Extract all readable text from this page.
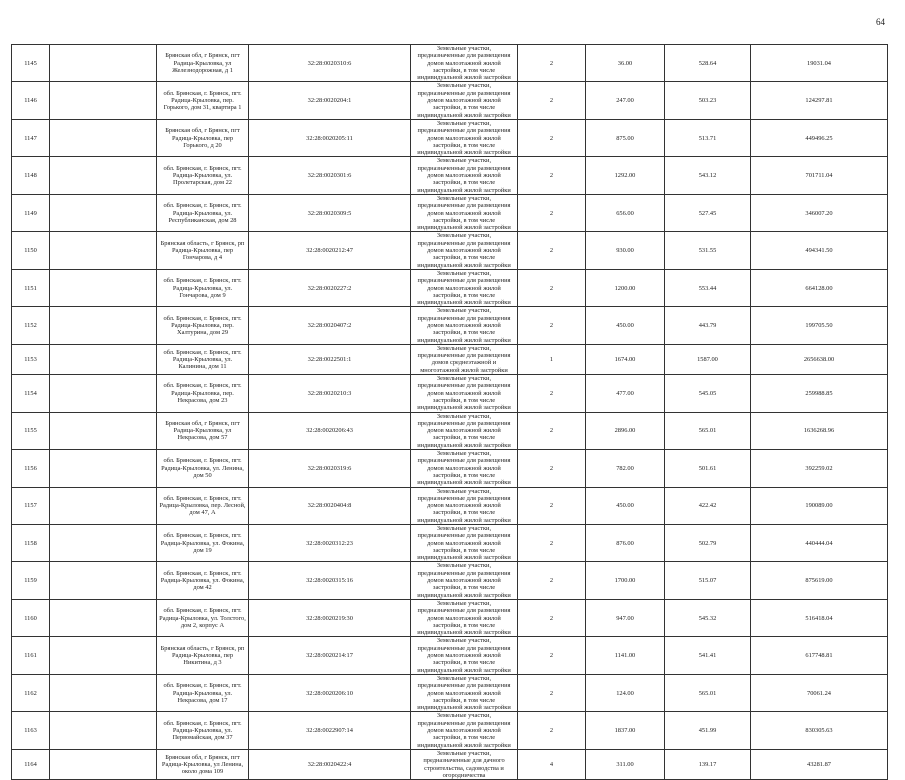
64
1145		Брянская обл, г Брянск, пгт Радица-Крыловка, ул Железнодорожная, д 1	32:28:0020310:6	Земельные участки, предназначенные для размещения домов малоэтажной жилой застройки, в том числе индивидуальной жилой застройки	2	36.00	528.64	19031.04
1146		обл. Брянская, г. Брянск, пгт. Радица-Крыловка, пер. Горького, дом 31, квартира 1	32:28:0020204:1	Земельные участки, предназначенные для размещения домов малоэтажной жилой застройки, в том числе индивидуальной жилой застройки	2	247.00	503.23	124297.81
1147		Брянская обл, г Брянск, пгт Радица-Крыловка, пер Горького, д 20	32:28:0020205:11	Земельные участки, предназначенные для размещения домов малоэтажной жилой застройки, в том числе индивидуальной жилой застройки	2	875.00	513.71	449496.25
1148		обл. Брянская, г. Брянск, пгт. Радица-Крыловка, ул. Пролетарская, дом 22	32:28:0020301:6	Земельные участки, предназначенные для размещения домов малоэтажной жилой застройки, в том числе индивидуальной жилой застройки	2	1292.00	543.12	701711.04
1149		обл. Брянская, г. Брянск, пгт. Радица-Крыловка, ул. Республиканская, дом 28	32:28:0020309:5	Земельные участки, предназначенные для размещения домов малоэтажной жилой застройки, в том числе индивидуальной жилой застройки	2	656.00	527.45	346007.20
1150		Брянская область, г Брянск, рп Радица-Крыловка, пер Гончарова, д 4	32:28:0020212:47	Земельные участки, предназначенные для размещения домов малоэтажной жилой застройки, в том числе индивидуальной жилой застройки	2	930.00	531.55	494341.50
1151		обл. Брянская, г. Брянск, пгт. Радица-Крыловка, ул. Гончарова, дом 9	32:28:0020227:2	Земельные участки, предназначенные для размещения домов малоэтажной жилой застройки, в том числе индивидуальной жилой застройки	2	1200.00	553.44	664128.00
1152		обл. Брянская, г. Брянск, пгт. Радица-Крыловка, пер. Халтурина, дом 29	32:28:0020407:2	Земельные участки, предназначенные для размещения домов малоэтажной жилой застройки, в том числе индивидуальной жилой застройки	2	450.00	443.79	199705.50
1153		обл. Брянская, г. Брянск, пгт. Радица-Крыловка, ул. Калинина, дом 11	32:28:0022501:1	Земельные участки, предназначенные для размещения домов среднеэтажной и многоэтажной жилой застройки	1	1674.00	1587.00	2656638.00
1154		обл. Брянская, г. Брянск, пгт. Радица-Крыловка, пер. Некрасова, дом 23	32:28:0020210:3	Земельные участки, предназначенные для размещения домов малоэтажной жилой застройки, в том числе индивидуальной жилой застройки	2	477.00	545.05	259988.85
1155		Брянская обл, г Брянск, пгт Радица-Крыловка, ул Некрасова, дом 57	32:28:0020206:43	Земельные участки, предназначенные для размещения домов малоэтажной жилой застройки, в том числе индивидуальной жилой застройки	2	2896.00	565.01	1636268.96
1156		обл. Брянская, г. Брянск, пгт. Радица-Крыловка, ул. Ленина, дом 50	32:28:0020319:6	Земельные участки, предназначенные для размещения домов малоэтажной жилой застройки, в том числе индивидуальной жилой застройки	2	782.00	501.61	392259.02
1157		обл. Брянская, г. Брянск, пгт. Радица-Крыловка, пер. Лесной, дом 47, А	32:28:0020404:8	Земельные участки, предназначенные для размещения домов малоэтажной жилой застройки, в том числе индивидуальной жилой застройки	2	450.00	422.42	190089.00
1158		обл. Брянская, г. Брянск, пгт. Радица-Крыловка, ул. Фокина, дом 19	32:28:0020312:23	Земельные участки, предназначенные для размещения домов малоэтажной жилой застройки, в том числе индивидуальной жилой застройки	2	876.00	502.79	440444.04
1159		обл. Брянская, г. Брянск, пгт. Радица-Крыловка, ул. Фокина, дом 42	32:28:0020315:16	Земельные участки, предназначенные для размещения домов малоэтажной жилой застройки, в том числе индивидуальной жилой застройки	2	1700.00	515.07	875619.00
1160		обл. Брянская, г. Брянск, пгт. Радица-Крыловка, ул. Толстого, дом 2, корпус А	32:28:0020219:30	Земельные участки, предназначенные для размещения домов малоэтажной жилой застройки, в том числе индивидуальной жилой застройки	2	947.00	545.32	516418.04
1161		Брянская область, г Брянск, рп Радица-Крыловка, пер Никитина, д 3	32:28:0020214:17	Земельные участки, предназначенные для размещения домов малоэтажной жилой застройки, в том числе индивидуальной жилой застройки	2	1141.00	541.41	617748.81
1162		обл. Брянская, г. Брянск, пгт. Радица-Крыловка, ул. Некрасова, дом 17	32:28:0020206:10	Земельные участки, предназначенные для размещения домов малоэтажной жилой застройки, в том числе индивидуальной жилой застройки	2	124.00	565.01	70061.24
1163		обл. Брянская, г. Брянск, пгт. Радица-Крыловка, ул. Первомайская, дом 37	32:28:0022907:14	Земельные участки, предназначенные для размещения домов малоэтажной жилой застройки, в том числе индивидуальной жилой застройки	2	1837.00	451.99	830305.63
1164		Брянская обл, г Брянск, пгт Радица-Крыловка, ул Ленина, около дома 109	32:28:0020422:4	Земельные участки, предназначенные для дачного строительства, садоводства и огородничества	4	311.00	139.17	43281.87
